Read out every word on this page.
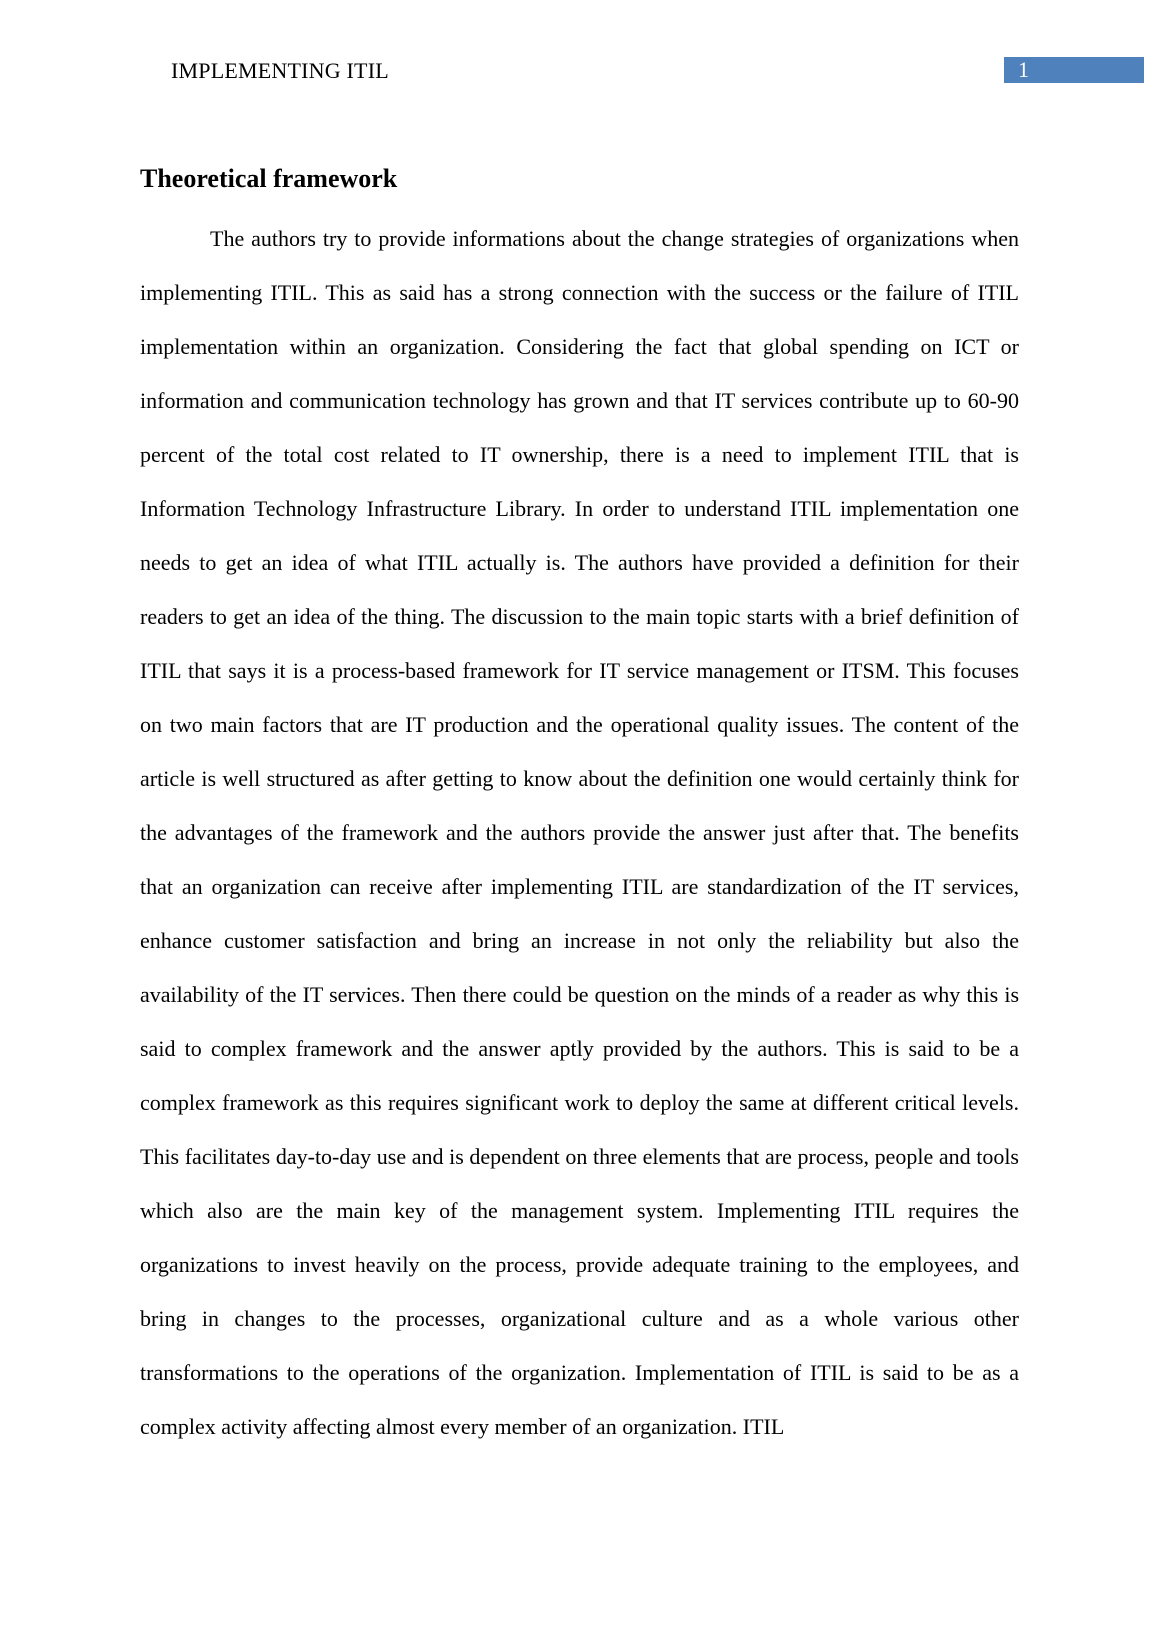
IMPLEMENTING ITIL	1
Theoretical framework

The authors try to provide informations about the change strategies of organizations when implementing ITIL. This as said has a strong connection with the success or the failure of ITIL implementation within an organization. Considering the fact that global spending on ICT or information and communication technology has grown and that IT services contribute up to 60-90 percent of the total cost related to IT ownership, there is a need to implement ITIL that is Information Technology Infrastructure Library. In order to understand ITIL implementation one needs to get an idea of what ITIL actually is. The authors have provided a definition for their readers to get an idea of the thing. The discussion to the main topic starts with a brief definition of ITIL that says it is a process-based framework for IT service management or ITSM. This focuses on two main factors that are IT production and the operational quality issues. The content of the article is well structured as after getting to know about the definition one would certainly think for the advantages of the framework and the authors provide the answer just after that. The benefits that an organization can receive after implementing ITIL are standardization of the IT services, enhance customer satisfaction and bring an increase in not only the reliability but also the availability of the IT services. Then there could be question on the minds of a reader as why this is said to complex framework and the answer aptly provided by the authors. This is said to be a complex framework as this requires significant work to deploy the same at different critical levels. This facilitates day-to-day use and is dependent on three elements that are process, people and tools which also are the main key of the management system. Implementing ITIL requires the organizations to invest heavily on the process, provide adequate training to the employees, and bring in changes to the processes, organizational culture and as a whole various other transformations to the operations of the organization. Implementation of ITIL is said to be as a complex activity affecting almost every member of an organization. ITIL
